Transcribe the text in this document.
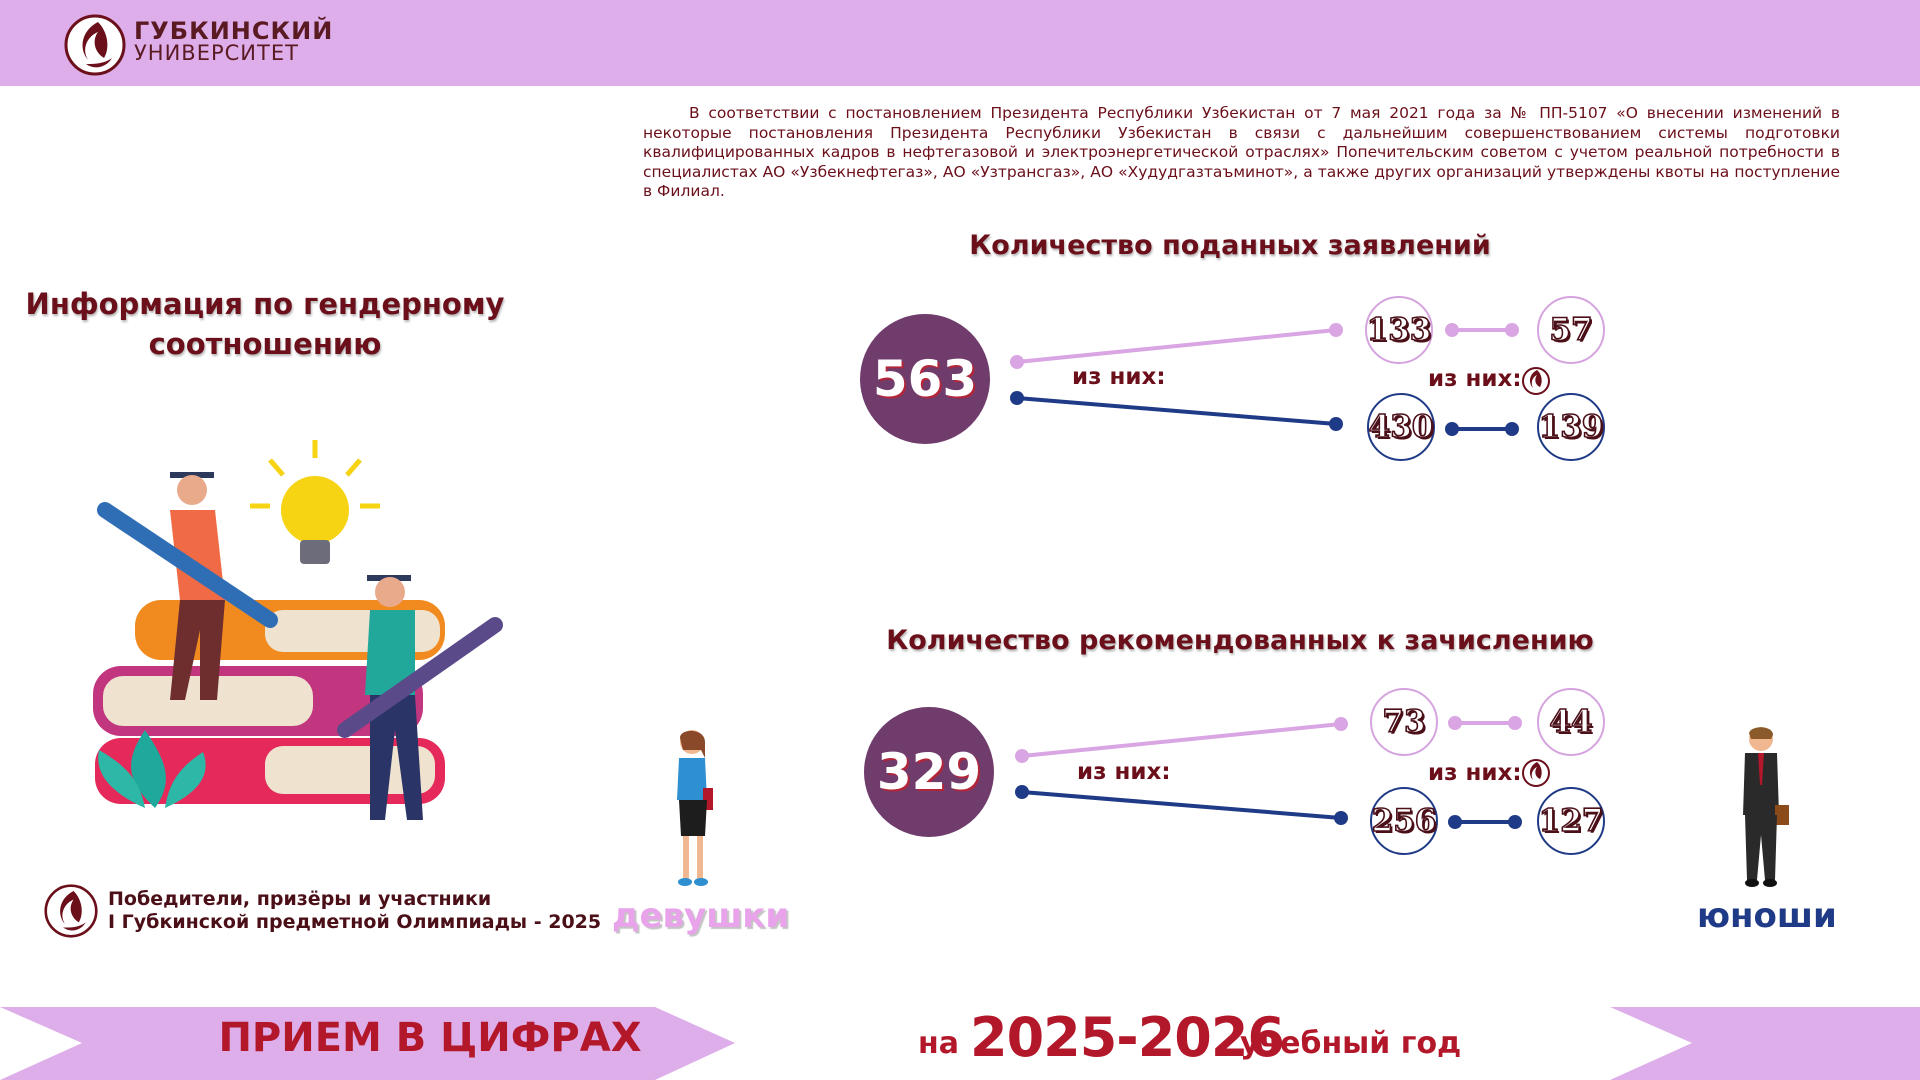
ГУБКИНСКИЙ
УНИВЕРСИТЕТ
В соответствии с постановлением Президента Республики Узбекистан от 7 мая 2021 года за № ПП-5107 «О внесении изменений в некоторые постановления Президента Республики Узбекистан в связи с дальнейшим совершенствованием системы подготовки квалифицированных кадров в нефтегазовой и электроэнергетической отраслях» Попечительским советом с учетом реальной потребности в специалистах АО «Узбекнефтегаз», АО «Узтрансгаз», АО «Худудгазтаъминот», а также других организаций утверждены квоты на поступление в Филиал.
Информация по гендерному соотношению
Количество поданных заявлений
563	из них:
133
430
из них:
57
139
Количество рекомендованных к зачислению
329	из них:
73
256
из них:
44
127
девушки	юноши
Победители, призёры и участники
I Губкинской предметной Олимпиады - 2025
ПРИЕМ В ЦИФРАХ	на 2025-2026
учебный год
